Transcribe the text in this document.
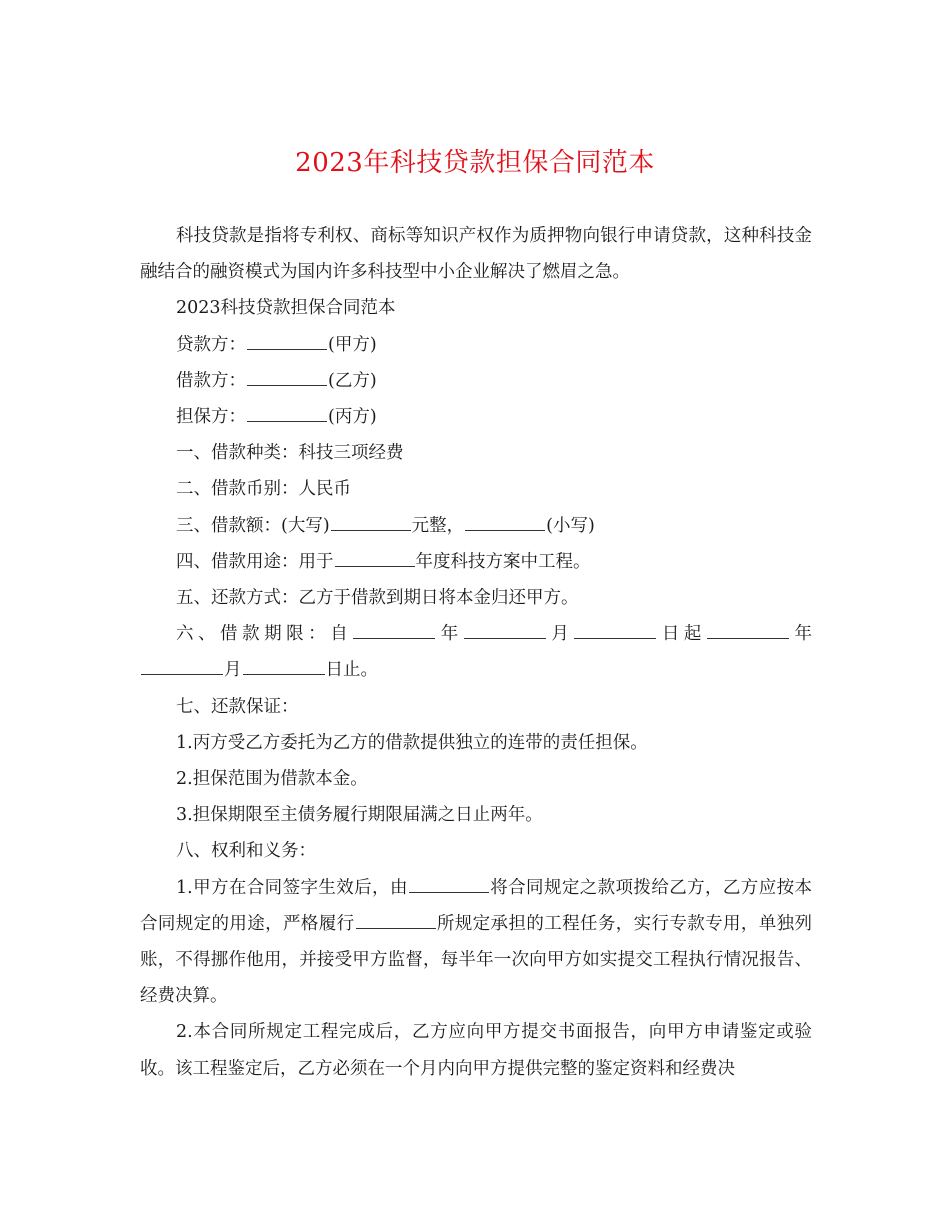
2023年科技贷款担保合同范本

科技贷款是指将专利权、商标等知识产权作为质押物向银行申请贷款，这种科技金融结合的融资模式为国内许多科技型中小企业解决了燃眉之急。

2023科技贷款担保合同范本

贷款方：	(甲方)

借款方：	(乙方)

担保方：	(丙方)

一、借款种类：科技三项经费

二、借款币别：人民币

三、借款额：(大写)	元整，	(小写)

四、借款用途：用于	年度科技方案中工程。

五、还款方式：乙方于借款到期日将本金归还甲方。

六、借款期限：自	年	月	日起	年 月	日止。

七、还款保证：

1.丙方受乙方委托为乙方的借款提供独立的连带的责任担保。

2.担保范围为借款本金。

3.担保期限至主债务履行期限届满之日止两年。

八、权利和义务：

1.甲方在合同签字生效后，由	将合同规定之款项拨给乙方，乙方应按本合同规定的用途，严格履行	所规定承担的工程任务，实行专款专用，单独列账，不得挪作他用，并接受甲方监督，每半年一次向甲方如实提交工程执行情况报告、经费决算。

2.本合同所规定工程完成后，乙方应向甲方提交书面报告，向甲方申请鉴定或验收。该工程鉴定后，乙方必须在一个月内向甲方提供完整的鉴定资料和经费决
